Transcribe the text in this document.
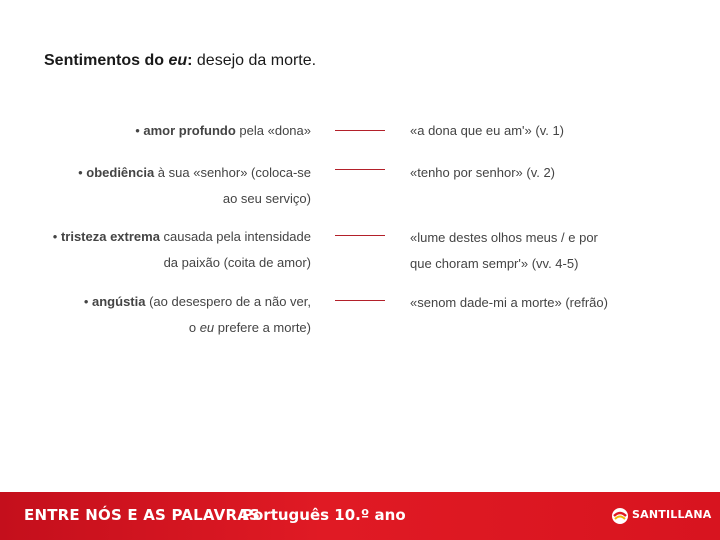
Sentimentos do eu: desejo da morte.
• amor profundo pela «dona»	«a dona que eu am'» (v. 1)
• obediência à sua «senhor» (coloca-se
ao seu serviço)
«tenho por senhor» (v. 2)
• tristeza extrema causada pela intensidade
da paixão (coita de amor)
«lume destes olhos meus / e por
que choram sempr'» (vv. 4-5)
• angústia (ao desespero de a não ver,
o eu prefere a morte)
«senom dade-mi a morte» (refrão)
ENTRE NÓS E AS PALAVRAS
Português 10.º ano	SANTILLANA
